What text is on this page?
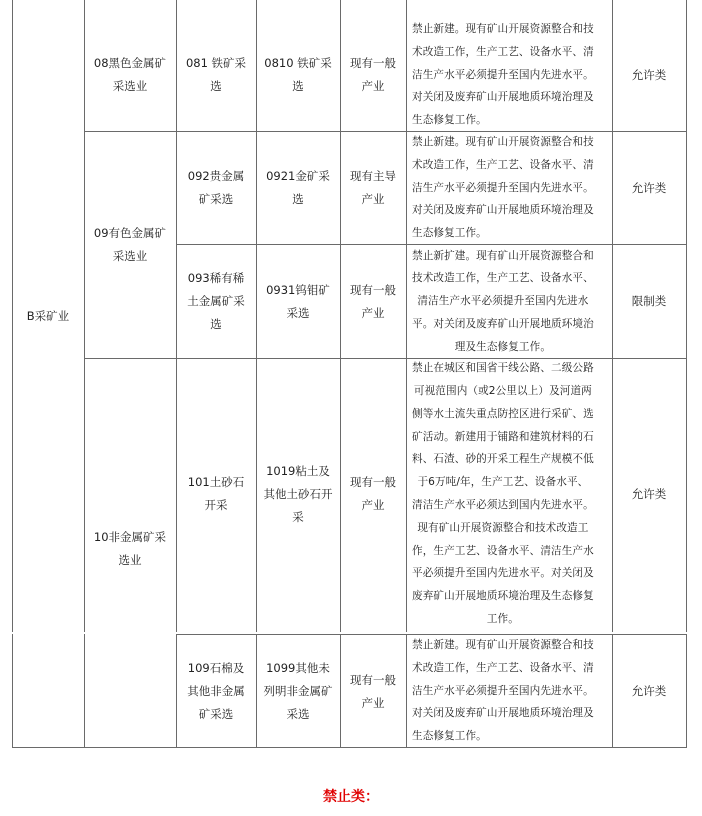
B采矿业
08黑色金属矿
采选业
081 铁矿采
选
0810 铁矿采
选
现有一般
产业
禁止新建。现有矿山开展资源整合和技
术改造工作，生产工艺、设备水平、清
洁生产水平必须提升至国内先进水平。
对关闭及废弃矿山开展地质环境治理及
生态修复工作。
允许类
09有色金属矿
采选业
092贵金属
矿采选
0921金矿采
选
现有主导
产业
禁止新建。现有矿山开展资源整合和技
术改造工作，生产工艺、设备水平、清
洁生产水平必须提升至国内先进水平。
对关闭及废弃矿山开展地质环境治理及
生态修复工作。
允许类
093稀有稀
土金属矿采
选
0931钨钼矿
采选
现有一般
产业
禁止新扩建。现有矿山开展资源整合和
技术改造工作，生产工艺、设备水平、
清洁生产水平必须提升至国内先进水
平。对关闭及废弃矿山开展地质环境治
理及生态修复工作。
限制类
10非金属矿采
选业
101土砂石
开采
1019粘土及
其他土砂石开
采
现有一般
产业
禁止在城区和国省干线公路、二级公路
可视范围内（或2公里以上）及河道两
侧等水土流失重点防控区进行采矿、选
矿活动。新建用于铺路和建筑材料的石
料、石渣、砂的开采工程生产规模不低
于6万吨/年，生产工艺、设备水平、
清洁生产水平必须达到国内先进水平。
现有矿山开展资源整合和技术改造工
作，生产工艺、设备水平、清洁生产水
平必须提升至国内先进水平。对关闭及
废弃矿山开展地质环境治理及生态修复
工作。
允许类
109石棉及
其他非金属
矿采选
1099其他未
列明非金属矿
采选
现有一般
产业
禁止新建。现有矿山开展资源整合和技
术改造工作，生产工艺、设备水平、清
洁生产水平必须提升至国内先进水平。
对关闭及废弃矿山开展地质环境治理及
生态修复工作。
允许类
禁止类：
